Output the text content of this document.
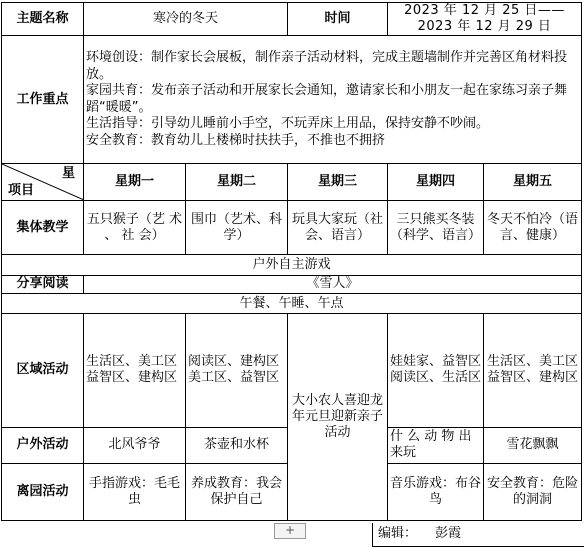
主题名称	寒冷的冬天		时间	2023 年 12 月 25 日—— 2023 年 12 月 29 日	
工作重点	环境创设：制作家长会展板，制作亲子活动材料，完成主题墙制作并完善区角材料投放。

家园共育：发布亲子活动和开展家长会通知，邀请家长和小朋友一起在家练习亲子舞蹈“暖暖”。

生活指导：引导幼儿睡前小手空，不玩弄床上用品，保持安静不吵闹。

安全教育：教育幼儿上楼梯时扶扶手，不推也不拥挤				

星
项目	星期一	星期二	星期三	星期四	星期五
集体教学	五只猴子（艺 术 、 社 会）	围巾（艺术、科学）	玩具大家玩（社会、语言）	三只熊买冬装（科学、语言）	冬天不怕冷（语言、健康）
户外自主游戏					
分享阅读	《雪人》				
午餐、午睡、午点					
区域活动	生活区、美工区 益智区、建构区	阅读区、建构区 美工区、益智区	大小农人喜迎龙年元旦迎新亲子活动	娃娃家、益智区 阅读区、生活区	生活区、美工区 益智区、建构区
户外活动	北风爷爷	茶壶和水杯		什 么 动 物 出 来玩	雪花飘飘
离园活动	手指游戏：毛毛虫	养成教育：我会保护自己		音乐游戏：布谷鸟	安全教育：危险的洞洞
+	编辑： 彭霞
